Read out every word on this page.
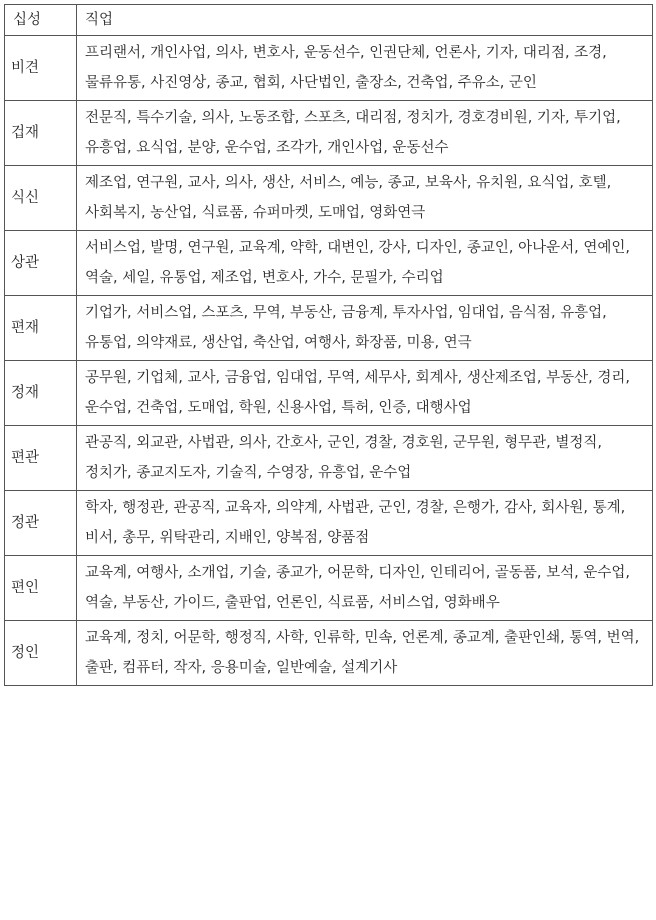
십성	직업
비견	프리랜서, 개인사업, 의사, 변호사, 운동선수, 인권단체, 언론사, 기자, 대리점, 조경, 물류유통, 사진영상, 종교, 협회, 사단법인, 출장소, 건축업, 주유소, 군인
겁재	전문직, 특수기술, 의사, 노동조합, 스포츠, 대리점, 정치가, 경호경비원, 기자, 투기업, 유흥업, 요식업, 분양, 운수업, 조각가, 개인사업, 운동선수
식신	제조업, 연구원, 교사, 의사, 생산, 서비스, 예능, 종교, 보육사, 유치원, 요식업, 호텔, 사회복지, 농산업, 식료품, 슈퍼마켓, 도매업, 영화연극
상관	서비스업, 발명, 연구원, 교육계, 약학, 대변인, 강사, 디자인, 종교인, 아나운서, 연예인, 역술, 세일, 유통업, 제조업, 변호사, 가수, 문필가, 수리업
편재	기업가, 서비스업, 스포츠, 무역, 부동산, 금융계, 투자사업, 임대업, 음식점, 유흥업, 유통업, 의약재료, 생산업, 축산업, 여행사, 화장품, 미용, 연극
정재	공무원, 기업체, 교사, 금융업, 임대업, 무역, 세무사, 회계사, 생산제조업, 부동산, 경리, 운수업, 건축업, 도매업, 학원, 신용사업, 특허, 인증, 대행사업
편관	관공직, 외교관, 사법관, 의사, 간호사, 군인, 경찰, 경호원, 군무원, 형무관, 별정직, 정치가, 종교지도자, 기술직, 수영장, 유흥업, 운수업
정관	학자, 행정관, 관공직, 교육자, 의약계, 사법관, 군인, 경찰, 은행가, 감사, 회사원, 통계, 비서, 총무, 위탁관리, 지배인, 양복점, 양품점
편인	교육계, 여행사, 소개업, 기술, 종교가, 어문학, 디자인, 인테리어, 골동품, 보석, 운수업, 역술, 부동산, 가이드, 출판업, 언론인, 식료품, 서비스업, 영화배우
정인	교육계, 정치, 어문학, 행정직, 사학, 인류학, 민속, 언론계, 종교계, 출판인쇄, 통역, 번역, 출판, 컴퓨터, 작자, 응용미술, 일반예술, 설계기사
